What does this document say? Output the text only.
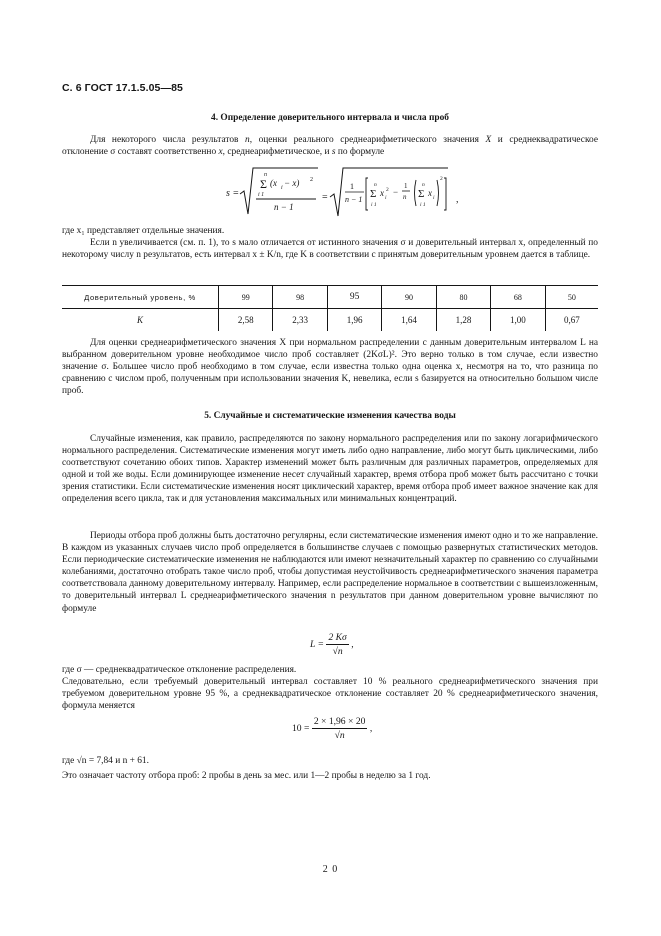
С. 6 ГОСТ 17.1.5.05—85
4. Определение доверительного интервала и числа проб

Для некоторого числа результатов n, оценки реального среднеарифметического значения X и среднеквадратическое отклонение σ составят соответственно x, среднеарифметическое, и s по формуле

s =
n
Σ (x i − x) 2
i 1
n − 1
=
1
n − 1
n
Σ x i
2
i 1
−
1
n
n
Σ x i
i 1
2
,

где x₁ представляет отдельные значения.

Если n увеличивается (см. п. 1), то s мало отличается от истинного значения σ и доверительный интервал x, определенный по некоторому числу n результатов, есть интервал x ± K/n, где K в соответствии с принятым доверительным уровнем дается в таблице.

Доверительный уровень, %	99	98	95	90	80	68	50
K	2,58	2,33	1,96	1,64	1,28	1,00	0,67

Для оценки среднеарифметического значения X при нормальном распределении с данным доверительным интервалом L на выбранном доверительном уровне необходимое число проб составляет (2KσL)². Это верно только в том случае, если известно значение σ. Большее число проб необходимо в том случае, если известна только одна оценка x, несмотря на то, что разница по сравнению с числом проб, полученным при использовании значения K, невелика, если s базируется на относительно большом числе проб.

5. Случайные и систематические изменения качества воды

Случайные изменения, как правило, распределяются по закону нормального распределения или по закону логарифмического нормального распределения. Систематические изменения могут иметь либо одно направление, либо могут быть циклическими, либо соответствуют сочетанию обоих типов. Характер изменений может быть различным для различных параметров, определяемых для одной и той же воды. Если доминирующее изменение несет случайный характер, время отбора проб может быть рассчитано с точки зрения статистики. Если систематические изменения носят циклический характер, время отбора проб имеет важное значение как для определения всего цикла, так и для установления максимальных или минимальных концентраций.

Периоды отбора проб должны быть достаточно регулярны, если систематические изменения имеют одно и то же направление. В каждом из указанных случаев число проб определяется в большинстве случаев с помощью развернутых статистических методов. Если периодические систематические изменения не наблюдаются или имеют незначительный характер по сравнению со случайными колебаниями, достаточно отобрать такое число проб, чтобы допустимая неустойчивость среднеарифметического значения параметра соответствовала данному доверительному интервалу. Например, если распределение нормальное в соответствии с вышеизложенным, то доверительный интервал L среднеарифметического значения n результатов при данном доверительном уровне вычисляют по формуле

$L = \frac{2 K\sigma}{√n}$ ,

где σ — среднеквадратическое отклонение распределения.

Следовательно, если требуемый доверительный интервал составляет 10 % реального среднеарифметического значения при требуемом доверительном уровне 95 %, а среднеквадратическое отклонение составляет 20 % среднеарифметического значения, формула меняется

$10 = \frac{2 \times 1,96 \times 20}{√n}$ ,

где √n = 7,84 и n + 61.

Это означает частоту отбора проб: 2 пробы в день за мес. или 1—2 пробы в неделю за 1 год.

2 0
